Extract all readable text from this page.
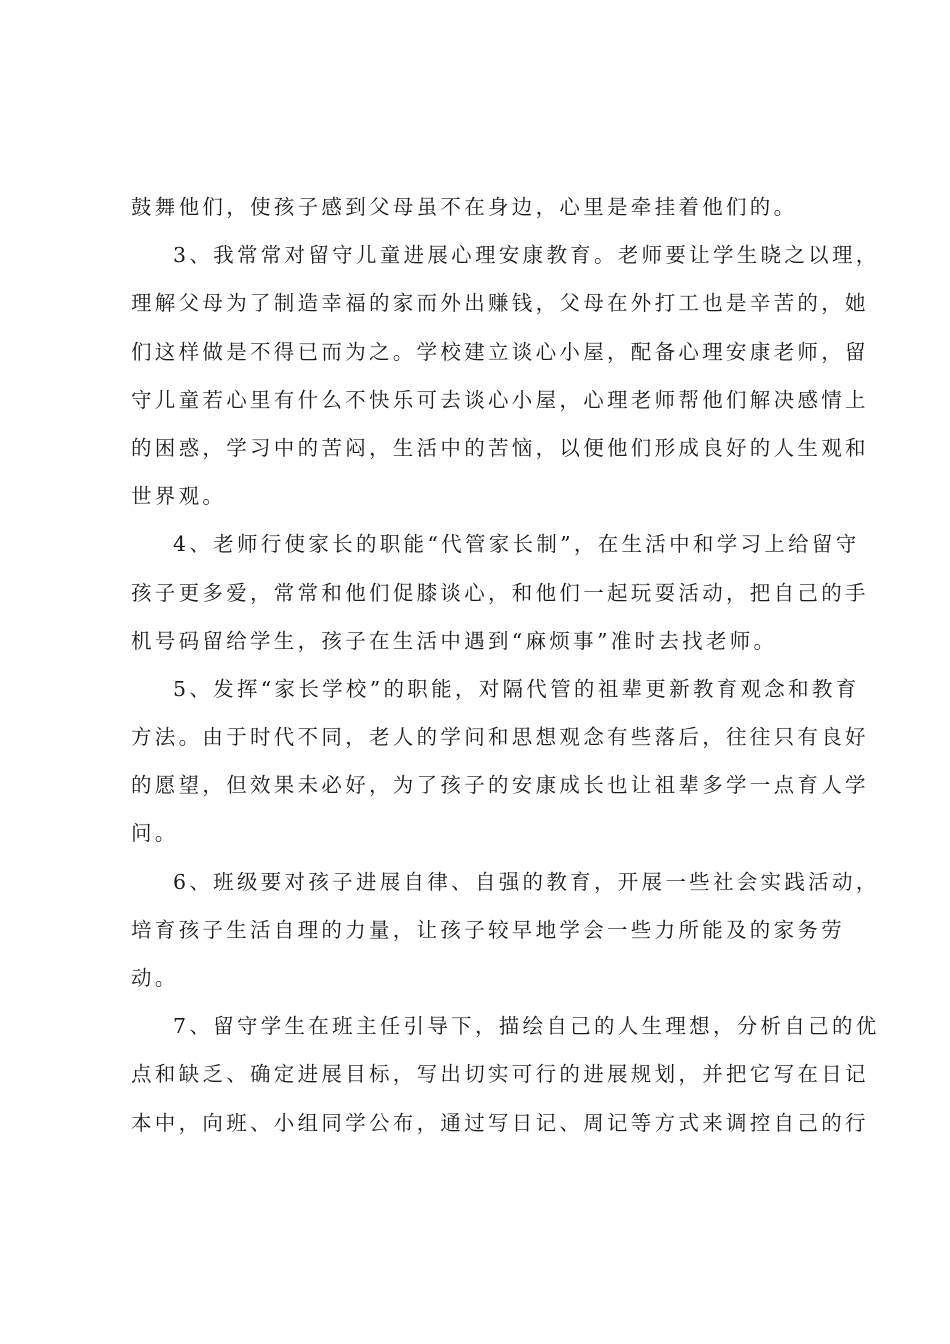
鼓舞他们，使孩子感到父母虽不在身边，心里是牵挂着他们的。
3、我常常对留守儿童进展心理安康教育。老师要让学生晓之以理，
理解父母为了制造幸福的家而外出赚钱，父母在外打工也是辛苦的，她
们这样做是不得已而为之。学校建立谈心小屋，配备心理安康老师，留
守儿童若心里有什么不快乐可去谈心小屋，心理老师帮他们解决感情上
的困惑，学习中的苦闷，生活中的苦恼，以便他们形成良好的人生观和
世界观。
4、老师行使家长的职能“代管家长制”，在生活中和学习上给留守
孩子更多爱，常常和他们促膝谈心，和他们一起玩耍活动，把自己的手
机号码留给学生，孩子在生活中遇到“麻烦事”准时去找老师。
5、发挥“家长学校”的职能，对隔代管的祖辈更新教育观念和教育
方法。由于时代不同，老人的学问和思想观念有些落后，往往只有良好
的愿望，但效果未必好，为了孩子的安康成长也让祖辈多学一点育人学
问。
6、班级要对孩子进展自律、自强的教育，开展一些社会实践活动，
培育孩子生活自理的力量，让孩子较早地学会一些力所能及的家务劳
动。
7、留守学生在班主任引导下，描绘自己的人生理想，分析自己的优
点和缺乏、确定进展目标，写出切实可行的进展规划，并把它写在日记
本中，向班、小组同学公布，通过写日记、周记等方式来调控自己的行
